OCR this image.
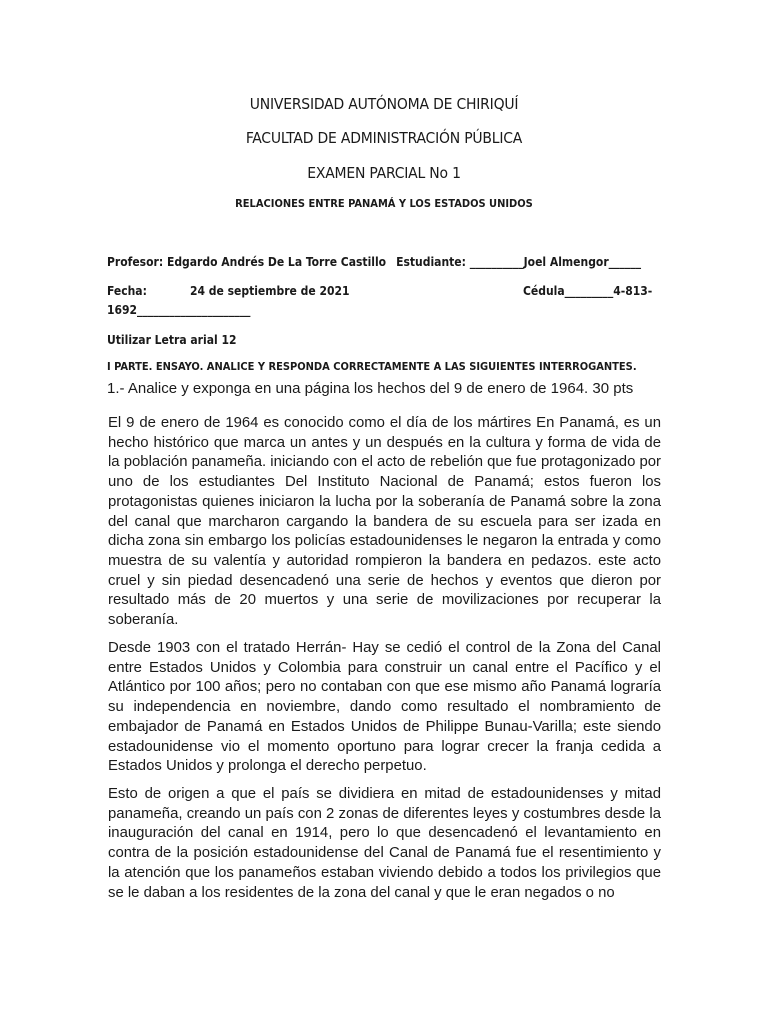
UNIVERSIDAD AUTÓNOMA DE CHIRIQUÍ
FACULTAD DE ADMINISTRACIÓN PÚBLICA
EXAMEN PARCIAL No 1
RELACIONES ENTRE PANAMÁ Y LOS ESTADOS UNIDOS
Profesor: Edgardo Andrés De La Torre Castillo Estudiante: __________Joel Almengor______
Fecha:	24 de septiembre de 2021	Cédula_________4-813-
1692_____________________
Utilizar Letra arial 12
I PARTE. ENSAYO. ANALICE Y RESPONDA CORRECTAMENTE A LAS SIGUIENTES INTERROGANTES.
1.- Analice y exponga en una página los hechos del 9 de enero de 1964. 30 pts
El 9 de enero de 1964 es conocido como el día de los mártires En Panamá, es un hecho histórico que marca un antes y un después en la cultura y forma de vida de la población panameña. iniciando con el acto de rebelión que fue protagonizado por uno de los estudiantes Del Instituto Nacional de Panamá; estos fueron los protagonistas quienes iniciaron la lucha por la soberanía de Panamá sobre la zona del canal que marcharon cargando la bandera de su escuela para ser izada en dicha zona sin embargo los policías estadounidenses le negaron la entrada y como muestra de su valentía y autoridad rompieron la bandera en pedazos. este acto cruel y sin piedad desencadenó una serie de hechos y eventos que dieron por resultado más de 20 muertos y una serie de movilizaciones por recuperar la soberanía.
Desde 1903 con el tratado Herrán- Hay se cedió el control de la Zona del Canal entre Estados Unidos y Colombia para construir un canal entre el Pacífico y el Atlántico por 100 años; pero no contaban con que ese mismo año Panamá lograría su independencia en noviembre, dando como resultado el nombramiento de embajador de Panamá en Estados Unidos de Philippe Bunau-Varilla; este siendo estadounidense vio el momento oportuno para lograr crecer la franja cedida a Estados Unidos y prolonga el derecho perpetuo.
Esto de origen a que el país se dividiera en mitad de estadounidenses y mitad panameña, creando un país con 2 zonas de diferentes leyes y costumbres desde la inauguración del canal en 1914, pero lo que desencadenó el levantamiento en contra de la posición estadounidense del Canal de Panamá fue el resentimiento y la atención que los panameños estaban viviendo debido a todos los privilegios que se le daban a los residentes de la zona del canal y que le eran negados o no
